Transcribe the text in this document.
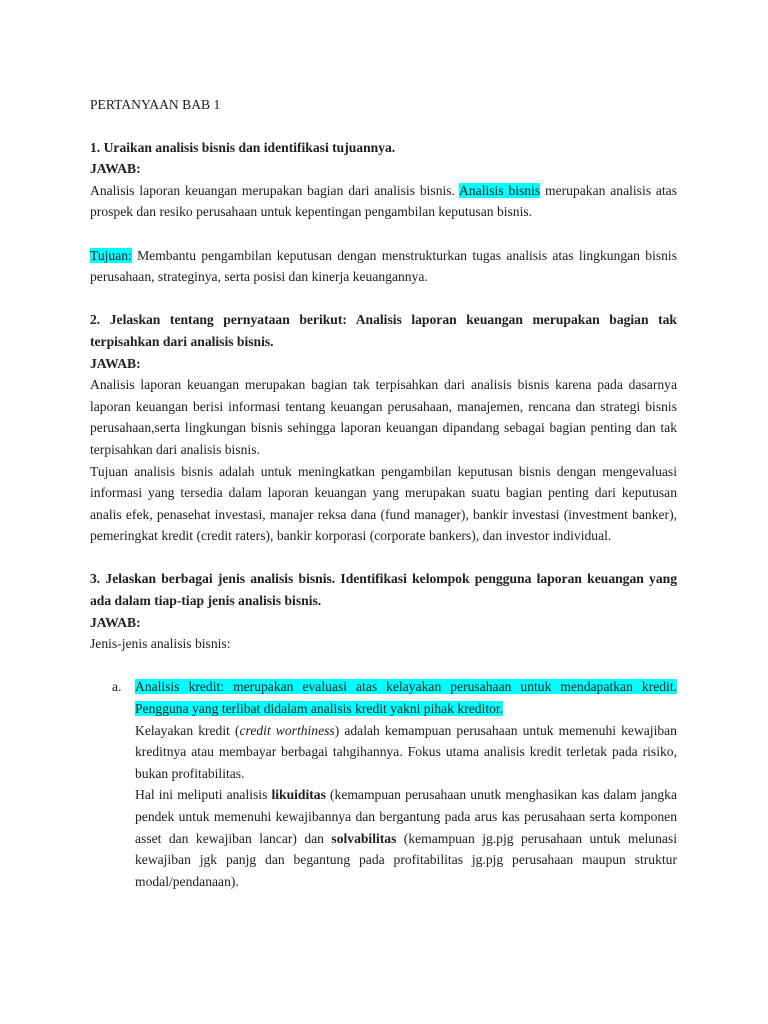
PERTANYAAN BAB 1

1. Uraikan analisis bisnis dan identifikasi tujuannya.

JAWAB:

Analisis laporan keuangan merupakan bagian dari analisis bisnis. Analisis bisnis merupakan analisis atas prospek dan resiko perusahaan untuk kepentingan pengambilan keputusan bisnis.

Tujuan: Membantu pengambilan keputusan dengan menstrukturkan tugas analisis atas lingkungan bisnis perusahaan, strateginya, serta posisi dan kinerja keuangannya.

2. Jelaskan tentang pernyataan berikut: Analisis laporan keuangan merupakan bagian tak terpisahkan dari analisis bisnis.

JAWAB:

Analisis laporan keuangan merupakan bagian tak terpisahkan dari analisis bisnis karena pada dasarnya laporan keuangan berisi informasi tentang keuangan perusahaan, manajemen, rencana dan strategi bisnis perusahaan,serta lingkungan bisnis sehingga laporan keuangan dipandang sebagai bagian penting dan tak terpisahkan dari analisis bisnis.

Tujuan analisis bisnis adalah untuk meningkatkan pengambilan keputusan bisnis dengan mengevaluasi informasi yang tersedia dalam laporan keuangan yang merupakan suatu bagian penting dari keputusan analis efek, penasehat investasi, manajer reksa dana (fund manager), bankir investasi (investment banker), pemeringkat kredit (credit raters), bankir korporasi (corporate bankers), dan investor individual.

3. Jelaskan berbagai jenis analisis bisnis. Identifikasi kelompok pengguna laporan keuangan yang ada dalam tiap-tiap jenis analisis bisnis.

JAWAB:

Jenis-jenis analisis bisnis:

a. Analisis kredit: merupakan evaluasi atas kelayakan perusahaan untuk mendapatkan kredit. Pengguna yang terlibat didalam analisis kredit yakni pihak kreditor.

Kelayakan kredit (credit worthiness) adalah kemampuan perusahaan untuk memenuhi kewajiban kreditnya atau membayar berbagai tahgihannya. Fokus utama analisis kredit terletak pada risiko, bukan profitabilitas.

Hal ini meliputi analisis likuiditas (kemampuan perusahaan unutk menghasikan kas dalam jangka pendek untuk memenuhi kewajibannya dan bergantung pada arus kas perusahaan serta komponen asset dan kewajiban lancar) dan solvabilitas (kemampuan jg.pjg perusahaan untuk melunasi kewajiban jgk panjg dan begantung pada profitabilitas jg.pjg perusahaan maupun struktur modal/pendanaan).
